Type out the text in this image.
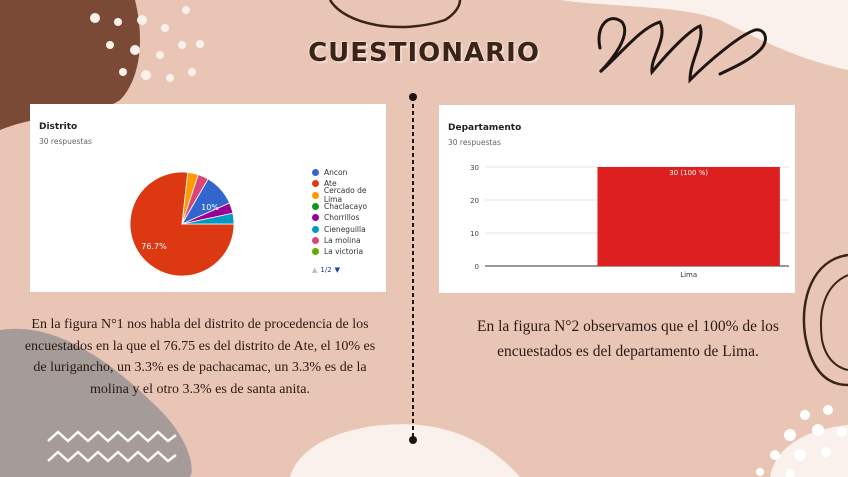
CUESTIONARIO
Distrito
30 respuestas
10%
76.7%
Ancon
Ate
Cercado de Lima
Chaclacayo
Chorrillos
Cieneguilla
La molina
La victoria
▲ 1/2 ▼
Departamento
30 respuestas
30
20
10
0
30 (100 %)
Lima
En la figura N°1 nos habla del distrito de procedencia de los encuestados en la que el 76.75 es del distrito de Ate, el 10% es de lurigancho, un 3.3% es de pachacamac, un 3.3% es de la molina y el otro 3.3% es de santa anita.
En la figura N°2 observamos que el 100% de los encuestados es del departamento de Lima.
